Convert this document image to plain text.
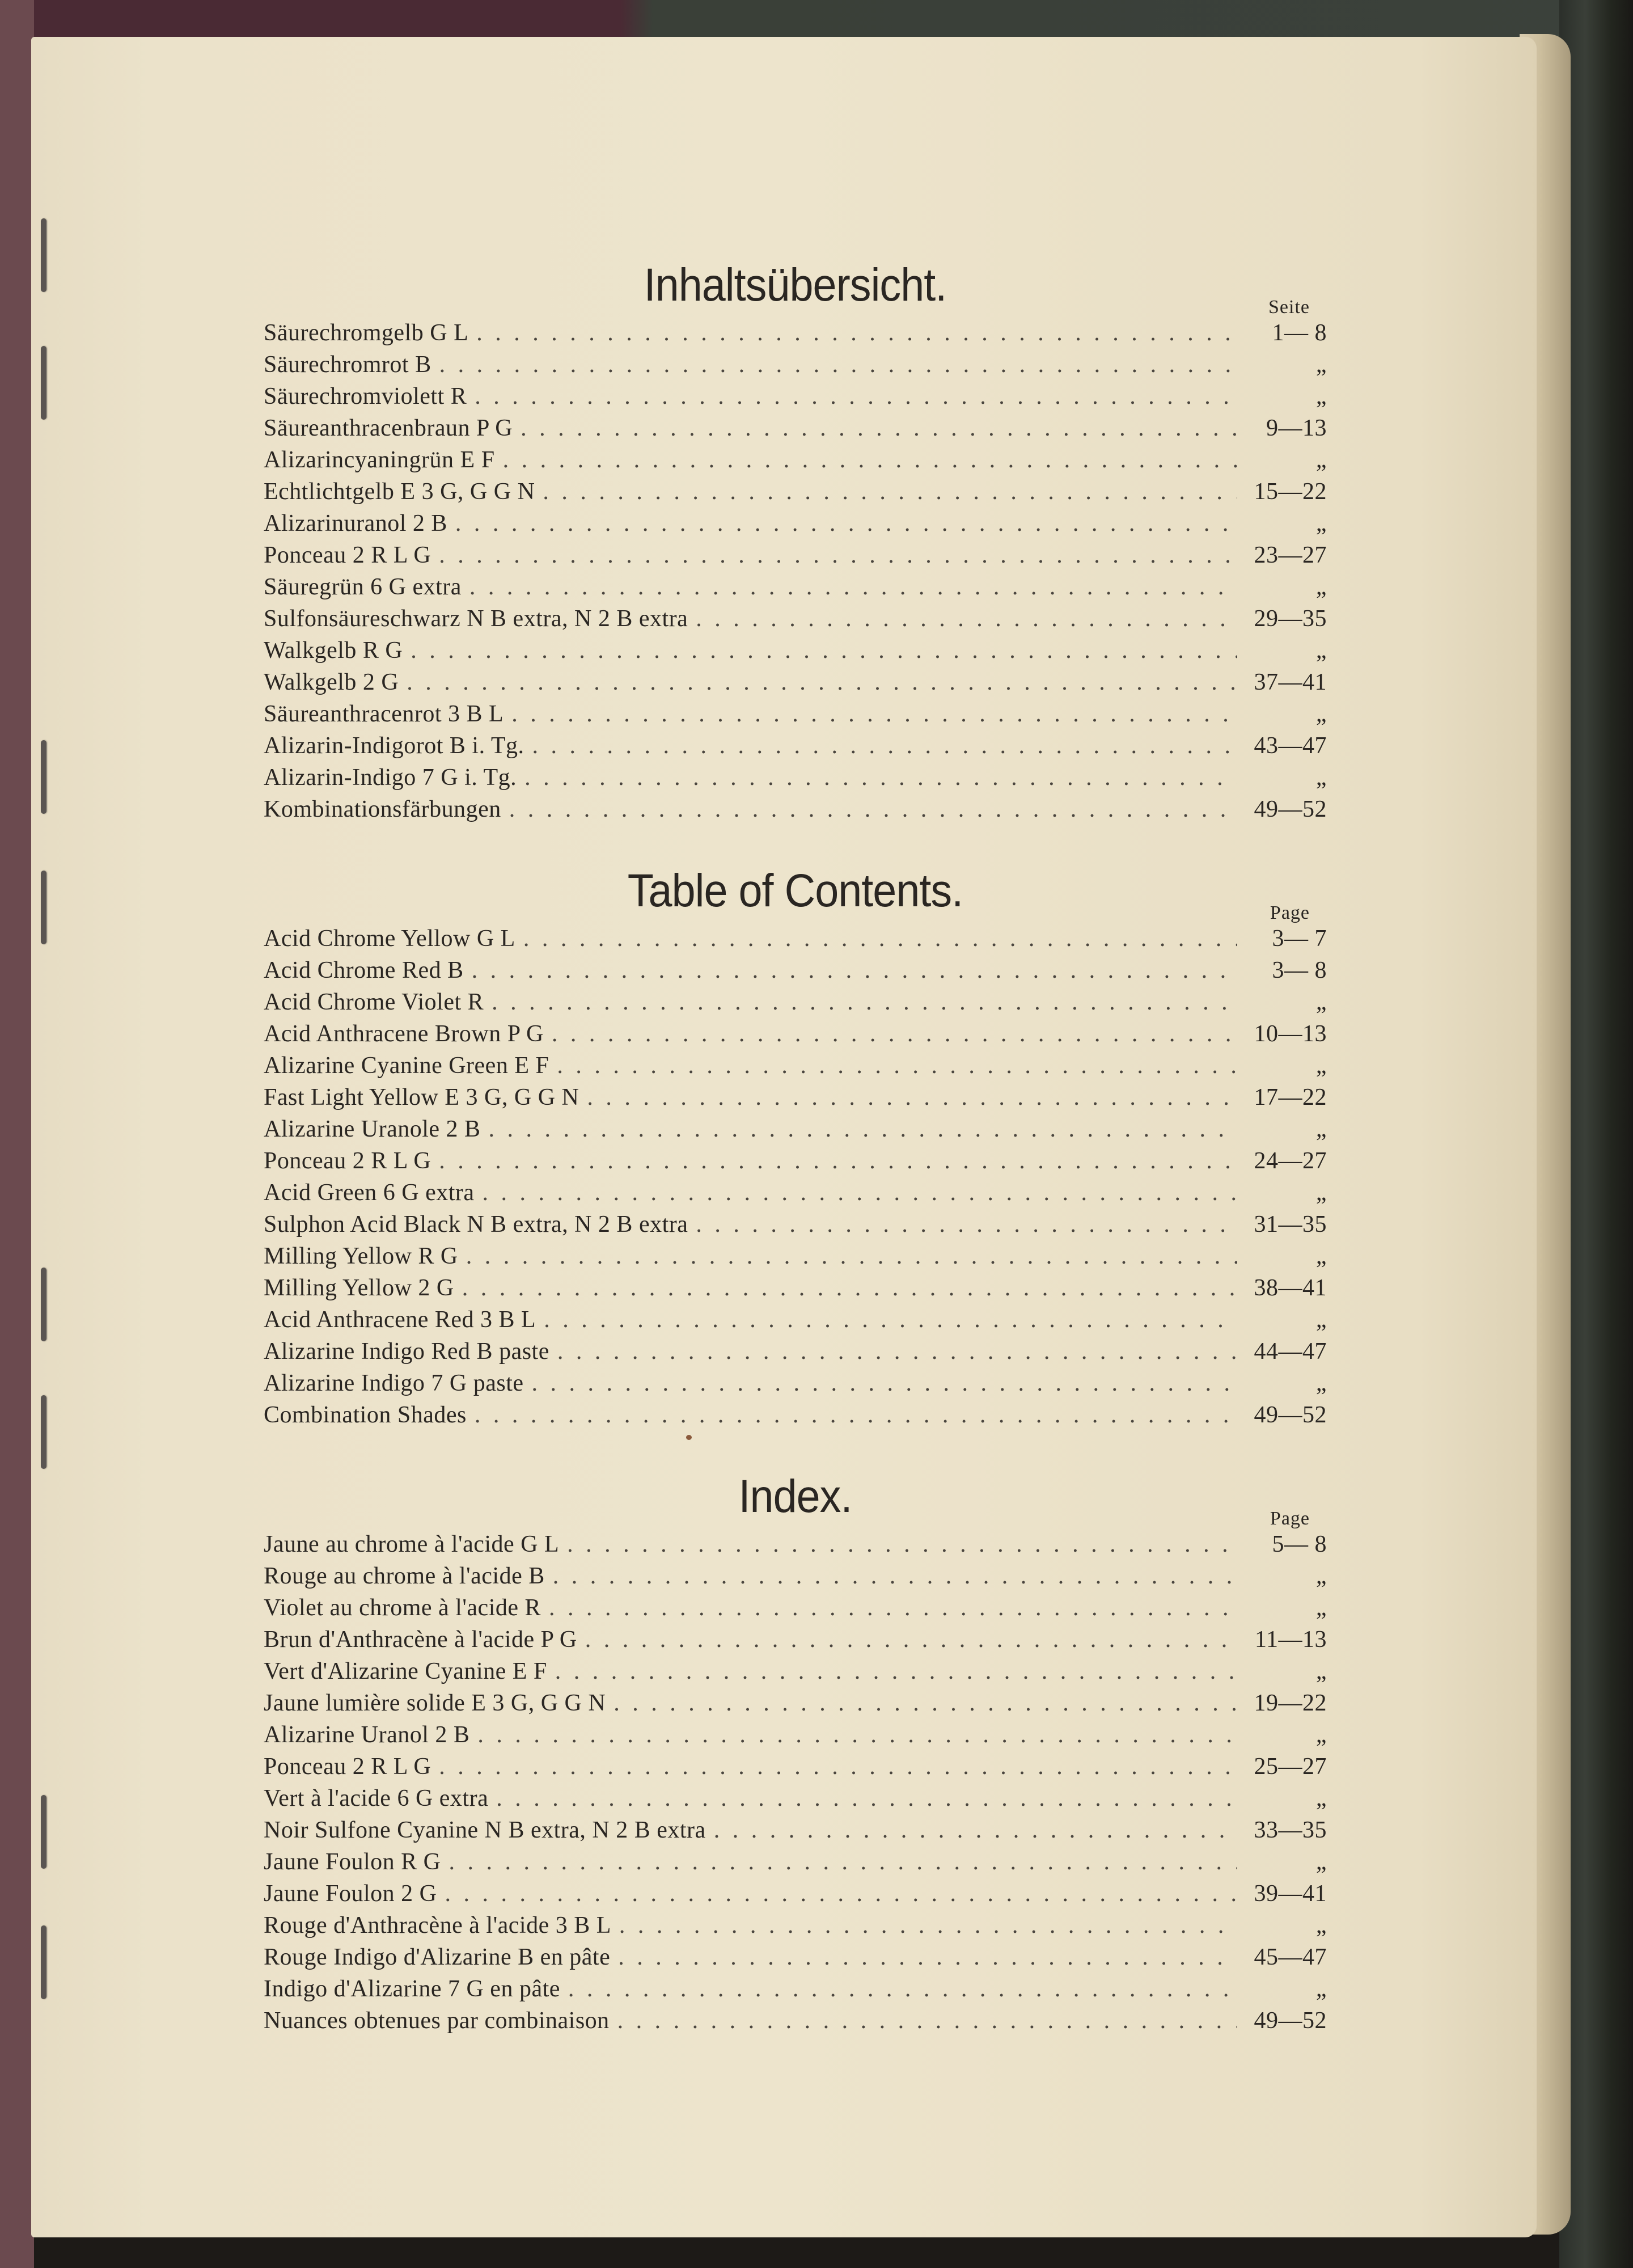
Inhaltsübersicht.	Seite
Säurechromgelb G L . . .	1— 8
Säurechromrot B . . .	„
Säurechromviolett R . . .	„
Säureanthracenbraun P G . . .	9—13
Alizarincyaningrün E F . . .	„
Echtlichtgelb E 3 G, G G N . . .	15—22
Alizarinuranol 2 B . . .	„
Ponceau 2 R L G . . .	23—27
Säuregrün 6 G extra . . .	„
Sulfonsäureschwarz N B extra, N 2 B extra . . .	29—35
Walkgelb R G . . .	„
Walkgelb 2 G . . .	37—41
Säureanthracenrot 3 B L . . .	„
Alizarin-Indigorot B i. Tg. . . .	43—47
Alizarin-Indigo 7 G i. Tg. . . .	„
Kombinationsfärbungen . . .	49—52
Table of Contents.	Page
Acid Chrome Yellow G L . . .	3— 7
Acid Chrome Red B . . .	3— 8
Acid Chrome Violet R . . .	„
Acid Anthracene Brown P G . . .	10—13
Alizarine Cyanine Green E F . . .	„
Fast Light Yellow E 3 G, G G N . . .	17—22
Alizarine Uranole 2 B . . .	„
Ponceau 2 R L G . . .	24—27
Acid Green 6 G extra . . .	„
Sulphon Acid Black N B extra, N 2 B extra . . .	31—35
Milling Yellow R G . . .	„
Milling Yellow 2 G . . .	38—41
Acid Anthracene Red 3 B L . . .	„
Alizarine Indigo Red B paste . . .	44—47
Alizarine Indigo 7 G paste . . .	„
Combination Shades . . .	49—52
Index.	Page
Jaune au chrome à l'acide G L . . .	5— 8
Rouge au chrome à l'acide B . . .	„
Violet au chrome à l'acide R . . .	„
Brun d'Anthracène à l'acide P G . . .	11—13
Vert d'Alizarine Cyanine E F . . .	„
Jaune lumière solide E 3 G, G G N . . .	19—22
Alizarine Uranol 2 B . . .	„
Ponceau 2 R L G . . .	25—27
Vert à l'acide 6 G extra . . .	„
Noir Sulfone Cyanine N B extra, N 2 B extra . . .	33—35
Jaune Foulon R G . . .	„
Jaune Foulon 2 G . . .	39—41
Rouge d'Anthracène à l'acide 3 B L . . .	„
Rouge Indigo d'Alizarine B en pâte . . .	45—47
Indigo d'Alizarine 7 G en pâte . . .	„
Nuances obtenues par combinaison . . .	49—52
